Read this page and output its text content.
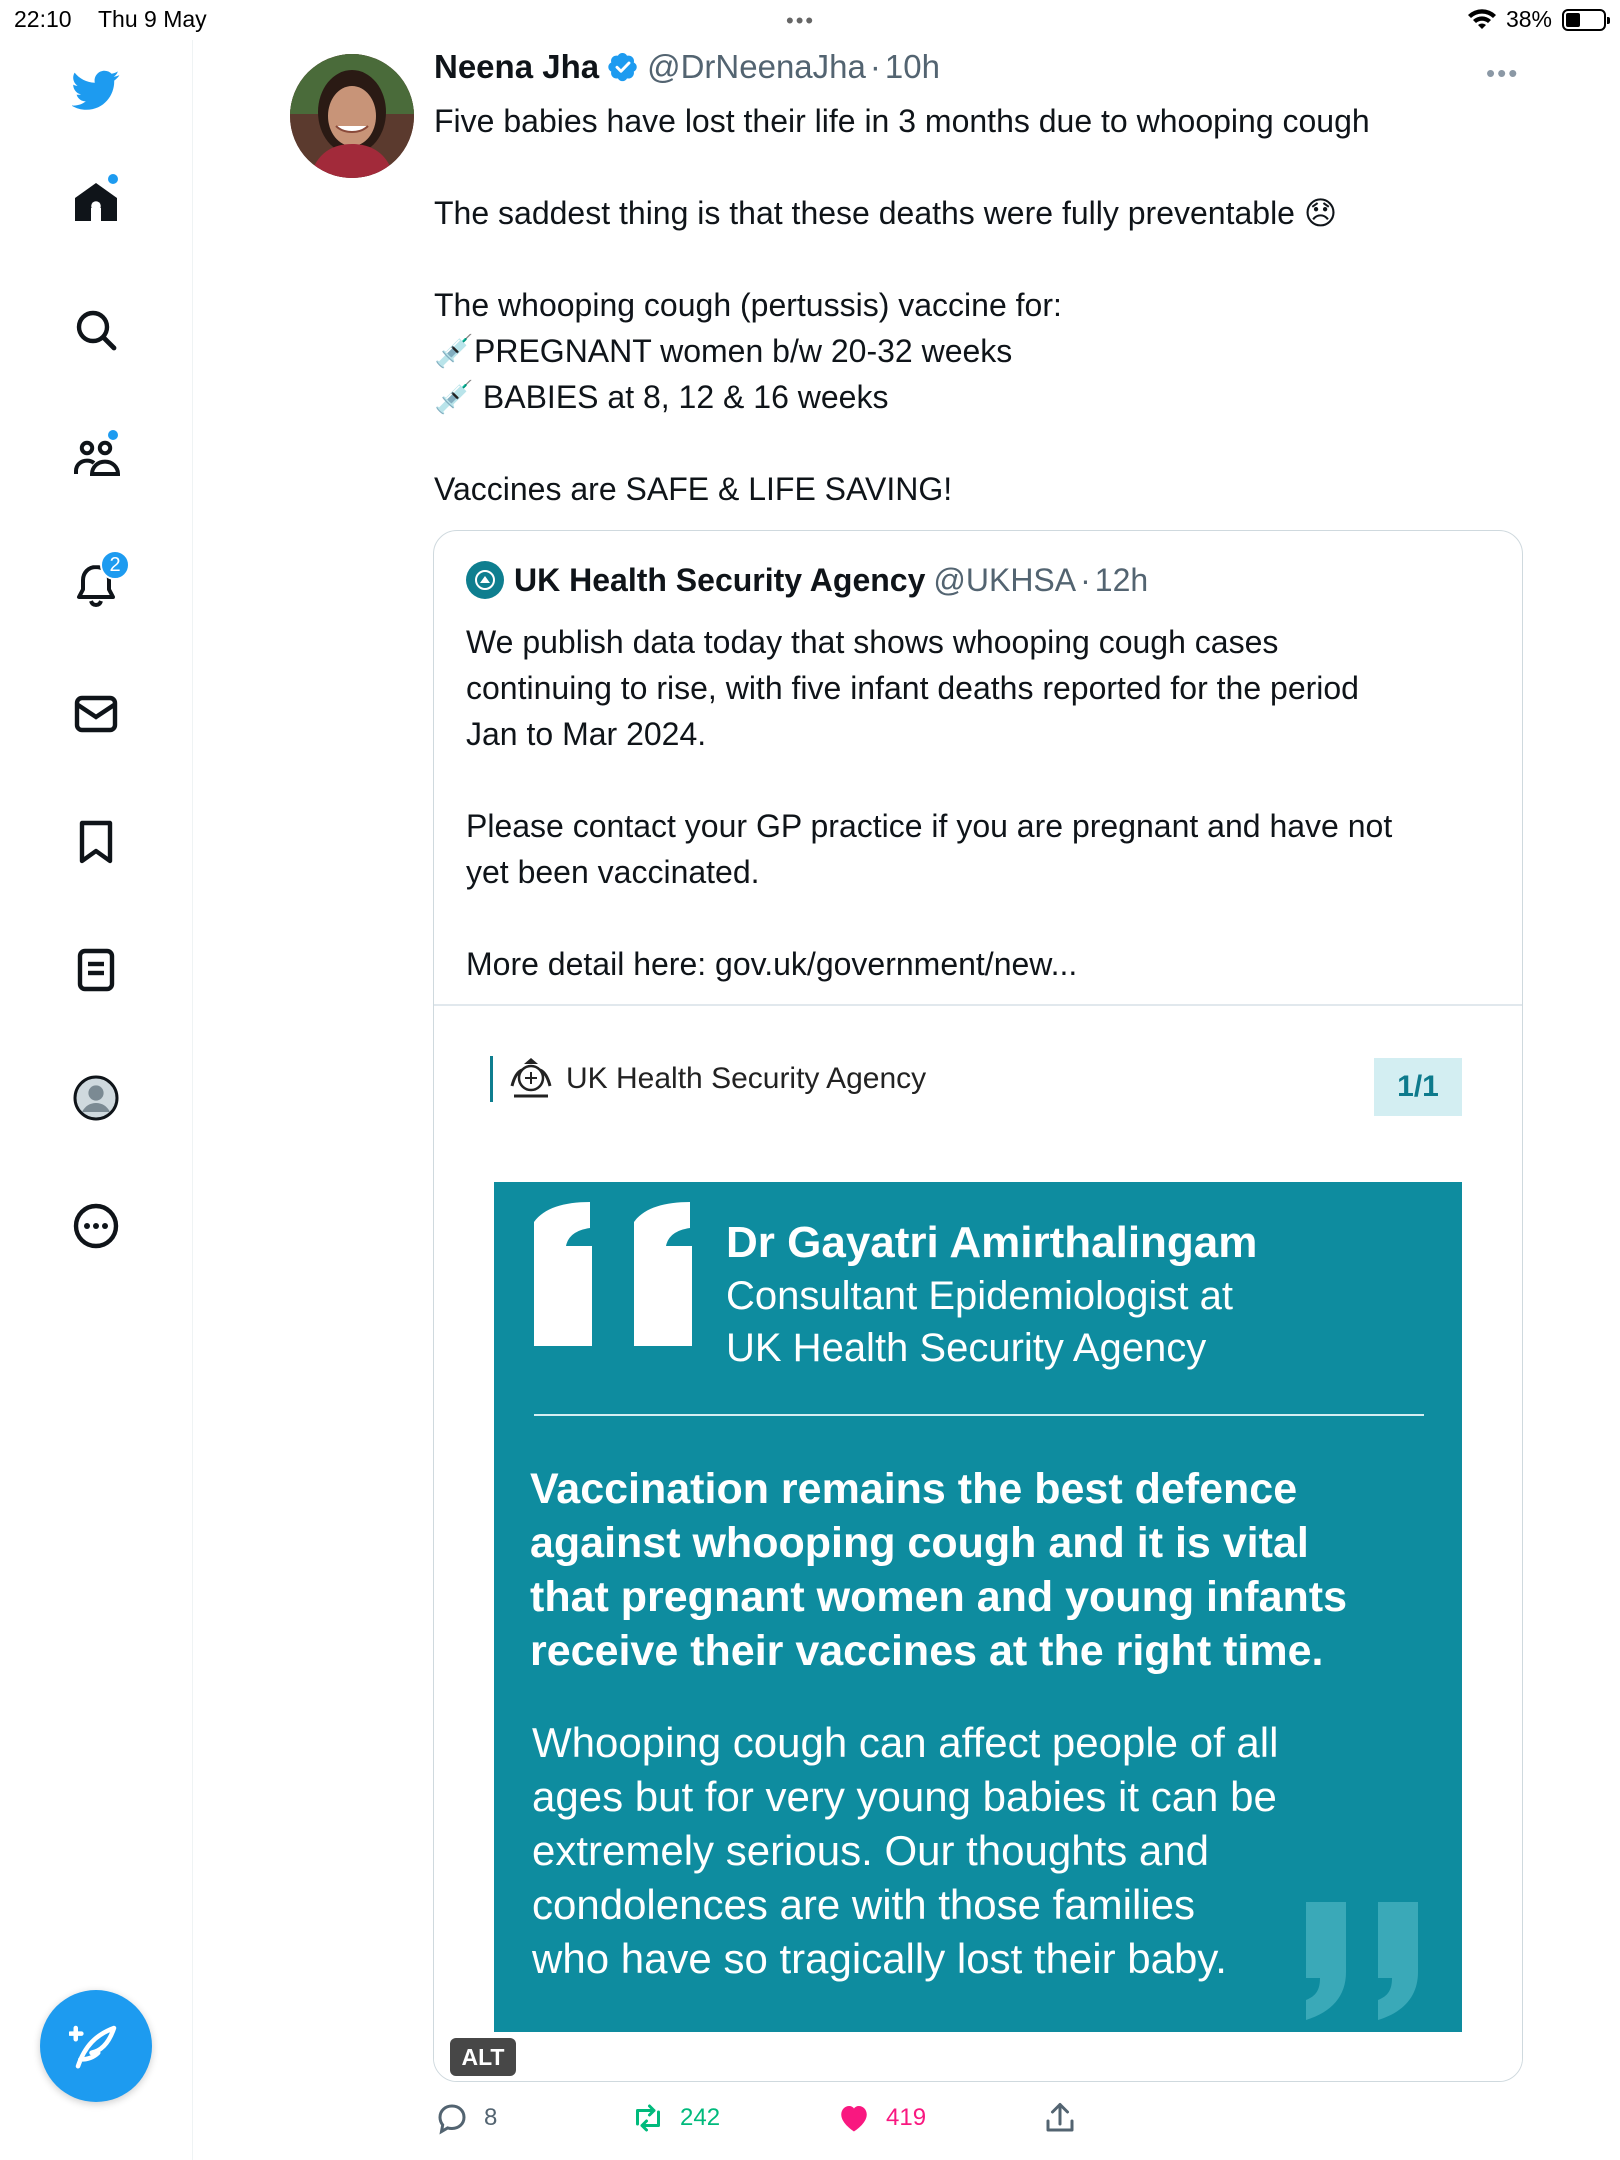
22:10 Thu 9 May	•••	38%
2
Neena Jha @DrNeenaJha · 10h	•••

Five babies have lost their life in 3 months due to whooping cough

The saddest thing is that these deaths were fully preventable 😞

The whooping cough (pertussis) vaccine for:

💉PREGNANT women b/w 20-32 weeks

💉 BABIES at 8, 12 & 16 weeks

Vaccines are SAFE & LIFE SAVING!

UK Health Security Agency @UKHSA · 12h

We publish data today that shows whooping cough cases

continuing to rise, with five infant deaths reported for the period

Jan to Mar 2024.

Please contact your GP practice if you are pregnant and have not

yet been vaccinated.

More detail here: gov.uk/government/new...

UK Health Security Agency	1/1
Dr Gayatri Amirthalingam
Consultant Epidemiologist at
UK Health Security Agency

Vaccination remains the best defence

against whooping cough and it is vital

that pregnant women and young infants

receive their vaccines at the right time.

Whooping cough can affect people of all

ages but for very young babies it can be

extremely serious. Our thoughts and

condolences are with those families

who have so tragically lost their baby.

ALT
8	242	419
